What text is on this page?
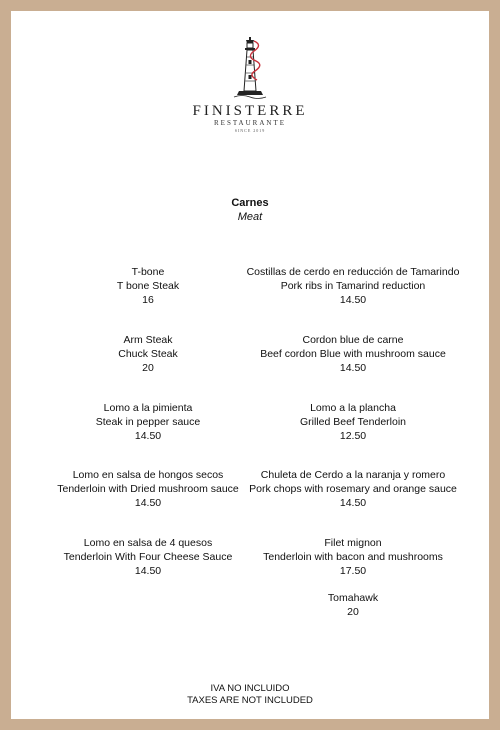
FINISTERRE
RESTAURANTE
SINCE 2019
Carnes
Meat
T-bone
T bone Steak
16
Arm Steak
Chuck Steak
20
Lomo a la pimienta
Steak in pepper sauce
14.50
Lomo en salsa de hongos secos
Tenderloin with Dried mushroom sauce
14.50
Lomo en salsa de 4 quesos
Tenderloin With Four Cheese Sauce
14.50
Costillas de cerdo en reducción de Tamarindo
Pork ribs in Tamarind reduction
14.50
Cordon blue de carne
Beef cordon Blue with mushroom sauce
14.50
Lomo a la plancha
Grilled Beef Tenderloin
12.50
Chuleta de Cerdo a la naranja y romero
Pork chops with rosemary and orange sauce
14.50
Filet mignon
Tenderloin with bacon and mushrooms
17.50
Tomahawk
20
IVA NO INCLUIDO
TAXES ARE NOT INCLUDED
